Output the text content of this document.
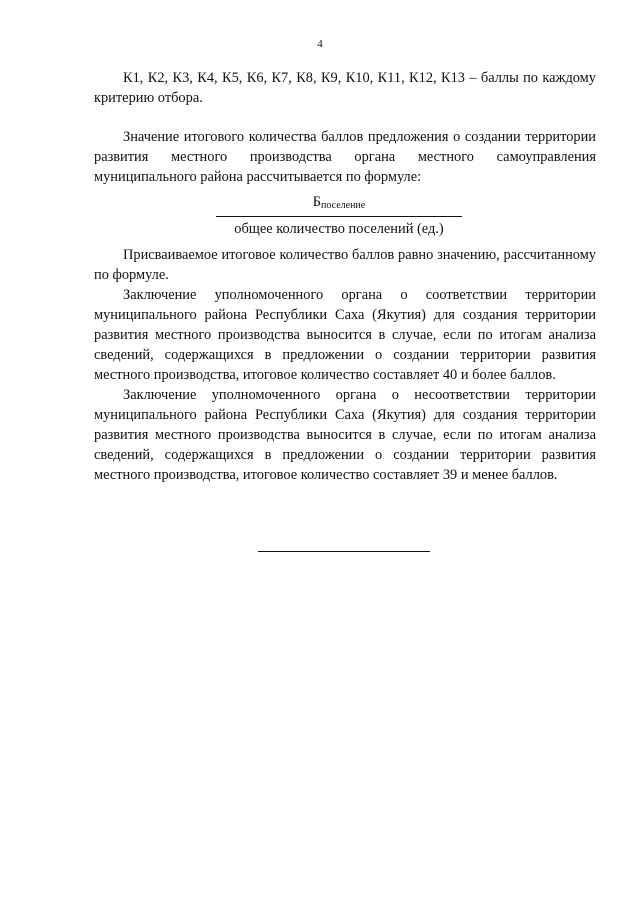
4

К1, К2, К3, К4, К5, К6, К7, К8, К9, К10, К11, К12, К13 – баллы по каждому критерию отбора.

Значение итогового количества баллов предложения о создании территории развития местного производства органа местного самоуправления муниципального района рассчитывается по формуле:

Бпоселение
общее количество поселений (ед.)

Присваиваемое итоговое количество баллов равно значению, рассчитанному по формуле.

Заключение уполномоченного органа о соответствии территории муниципального района Республики Саха (Якутия) для создания территории развития местного производства выносится в случае, если по итогам анализа сведений, содержащихся в предложении о создании территории развития местного производства, итоговое количество составляет 40 и более баллов.

Заключение уполномоченного органа о несоответствии территории муниципального района Республики Саха (Якутия) для создания территории развития местного производства выносится в случае, если по итогам анализа сведений, содержащихся в предложении о создании территории развития местного производства, итоговое количество составляет 39 и менее баллов.
